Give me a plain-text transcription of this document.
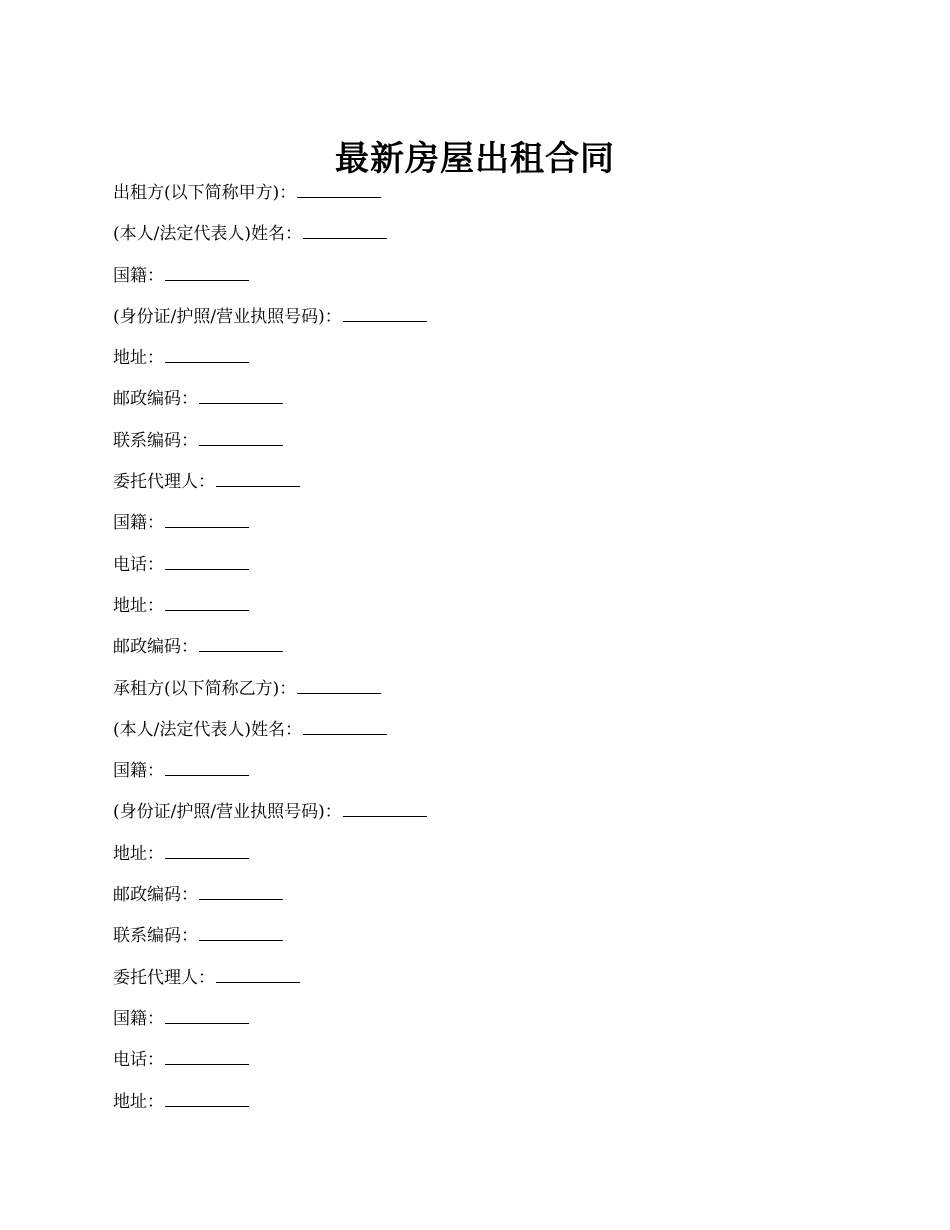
最新房屋出租合同
出租方(以下简称甲方)：
(本人/法定代表人)姓名：
国籍：
(身份证/护照/营业执照号码)：
地址：
邮政编码：
联系编码：
委托代理人：
国籍：
电话：
地址：
邮政编码：
承租方(以下简称乙方)：
(本人/法定代表人)姓名：
国籍：
(身份证/护照/营业执照号码)：
地址：
邮政编码：
联系编码：
委托代理人：
国籍：
电话：
地址：
